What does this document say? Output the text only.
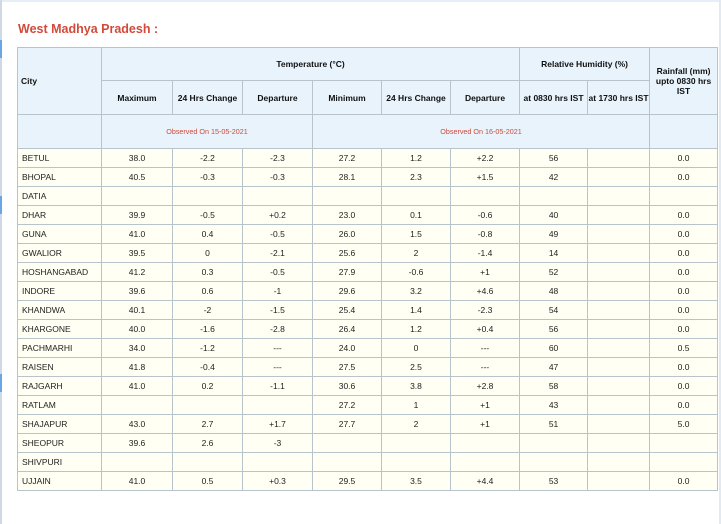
West Madhya Pradesh :
City	Temperature (°C)						Relative Humidity (%)		Rainfall (mm) upto 0830 hrs IST
	Maximum	24 Hrs Change	Departure	Minimum	24 Hrs Change	Departure	at 0830 hrs IST	at 1730 hrs IST	
	Observed On 15-05-2021			Observed On 16-05-2021					
BETUL	38.0	-2.2	-2.3	27.2	1.2	+2.2	56		0.0
BHOPAL	40.5	-0.3	-0.3	28.1	2.3	+1.5	42		0.0
DATIA									
DHAR	39.9	-0.5	+0.2	23.0	0.1	-0.6	40		0.0
GUNA	41.0	0.4	-0.5	26.0	1.5	-0.8	49		0.0
GWALIOR	39.5	0	-2.1	25.6	2	-1.4	14		0.0
HOSHANGABAD	41.2	0.3	-0.5	27.9	-0.6	+1	52		0.0
INDORE	39.6	0.6	-1	29.6	3.2	+4.6	48		0.0
KHANDWA	40.1	-2	-1.5	25.4	1.4	-2.3	54		0.0
KHARGONE	40.0	-1.6	-2.8	26.4	1.2	+0.4	56		0.0
PACHMARHI	34.0	-1.2	---	24.0	0	---	60		0.5
RAISEN	41.8	-0.4	---	27.5	2.5	---	47		0.0
RAJGARH	41.0	0.2	-1.1	30.6	3.8	+2.8	58		0.0
RATLAM				27.2	1	+1	43		0.0
SHAJAPUR	43.0	2.7	+1.7	27.7	2	+1	51		5.0
SHEOPUR	39.6	2.6	-3						
SHIVPURI									
UJJAIN	41.0	0.5	+0.3	29.5	3.5	+4.4	53		0.0
